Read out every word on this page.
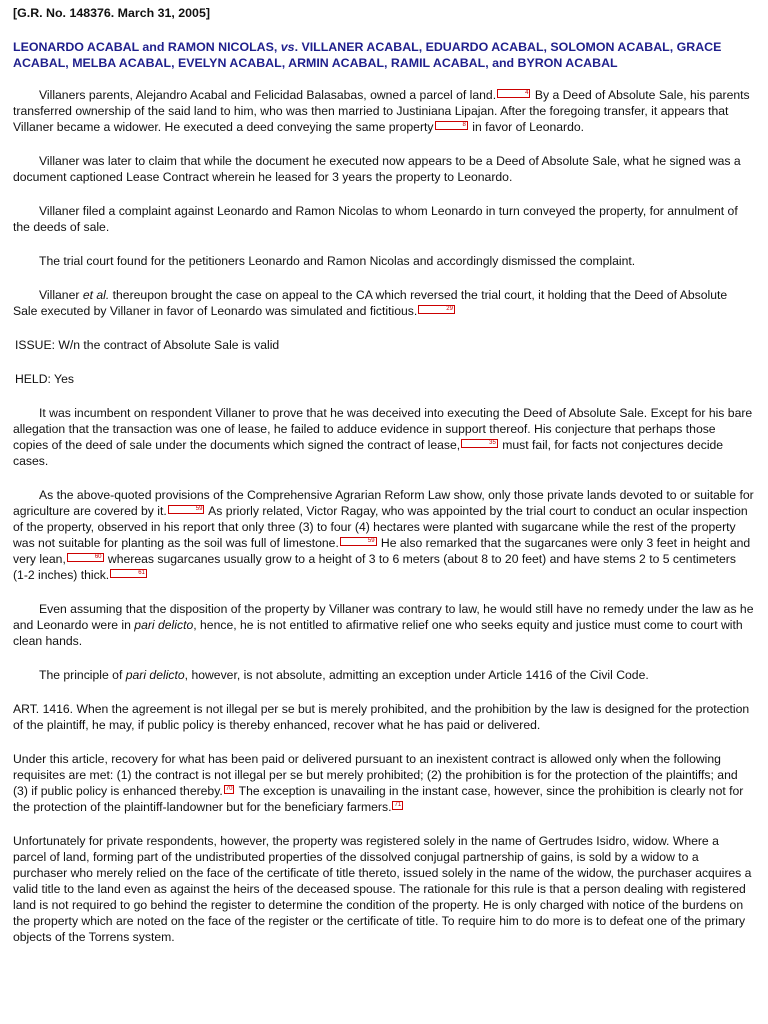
[G.R. No. 148376. March 31, 2005]
LEONARDO ACABAL and RAMON NICOLAS, vs. VILLANER ACABAL, EDUARDO ACABAL, SOLOMON ACABAL, GRACE ACABAL, MELBA ACABAL, EVELYN ACABAL, ARMIN ACABAL, RAMIL ACABAL, and BYRON ACABAL

Villaners parents, Alejandro Acabal and Felicidad Balasabas, owned a parcel of land.	4 By a Deed of Absolute Sale, his parents transferred ownership of the said land to him, who was then married to Justiniana Lipajan. After the foregoing transfer, it appears that Villaner became a widower. He executed a deed conveying the same property	8 in favor of Leonardo.

Villaner was later to claim that while the document he executed now appears to be a Deed of Absolute Sale, what he signed was a document captioned Lease Contract wherein he leased for 3 years the property to Leonardo.

Villaner filed a complaint against Leonardo and Ramon Nicolas to whom Leonardo in turn conveyed the property, for annulment of the deeds of sale.

The trial court found for the petitioners Leonardo and Ramon Nicolas and accordingly dismissed the complaint.

Villaner et al. thereupon brought the case on appeal to the CA which reversed the trial court, it holding that the Deed of Absolute Sale executed by Villaner in favor of Leonardo was simulated and fictitious.	29

ISSUE: W/n the contract of Absolute Sale is valid

HELD: Yes

It was incumbent on respondent Villaner to prove that he was deceived into executing the Deed of Absolute Sale. Except for his bare allegation that the transaction was one of lease, he failed to adduce evidence in support thereof. His conjecture that perhaps those copies of the deed of sale under the documents which signed the contract of lease,	35 must fail, for facts not conjectures decide cases.

As the above-quoted provisions of the Comprehensive Agrarian Reform Law show, only those private lands devoted to or suitable for agriculture are covered by it.	59 As priorly related, Victor Ragay, who was appointed by the trial court to conduct an ocular inspection of the property, observed in his report that only three (3) to four (4) hectares were planted with sugarcane while the rest of the property was not suitable for planting as the soil was full of limestone.	59 He also remarked that the sugarcanes were only 3 feet in height and very lean,	60 whereas sugarcanes usually grow to a height of 3 to 6 meters (about 8 to 20 feet) and have stems 2 to 5 centimeters (1-2 inches) thick.	61

Even assuming that the disposition of the property by Villaner was contrary to law, he would still have no remedy under the law as he and Leonardo were in pari delicto, hence, he is not entitled to afirmative relief one who seeks equity and justice must come to court with clean hands.

The principle of pari delicto, however, is not absolute, admitting an exception under Article 1416 of the Civil Code.

ART. 1416. When the agreement is not illegal per se but is merely prohibited, and the prohibition by the law is designed for the protection of the plaintiff, he may, if public policy is thereby enhanced, recover what he has paid or delivered.

Under this article, recovery for what has been paid or delivered pursuant to an inexistent contract is allowed only when the following requisites are met: (1) the contract is not illegal per se but merely prohibited; (2) the prohibition is for the protection of the plaintiffs; and (3) if public policy is enhanced thereby. 70 The exception is unavailing in the instant case, however, since the prohibition is clearly not for the protection of the plaintiff-landowner but for the beneficiary farmers. 71

Unfortunately for private respondents, however, the property was registered solely in the name of Gertrudes Isidro, widow. Where a parcel of land, forming part of the undistributed properties of the dissolved conjugal partnership of gains, is sold by a widow to a purchaser who merely relied on the face of the certificate of title thereto, issued solely in the name of the widow, the purchaser acquires a valid title to the land even as against the heirs of the deceased spouse. The rationale for this rule is that a person dealing with registered land is not required to go behind the register to determine the condition of the property. He is only charged with notice of the burdens on the property which are noted on the face of the register or the certificate of title. To require him to do more is to defeat one of the primary objects of the Torrens system.
